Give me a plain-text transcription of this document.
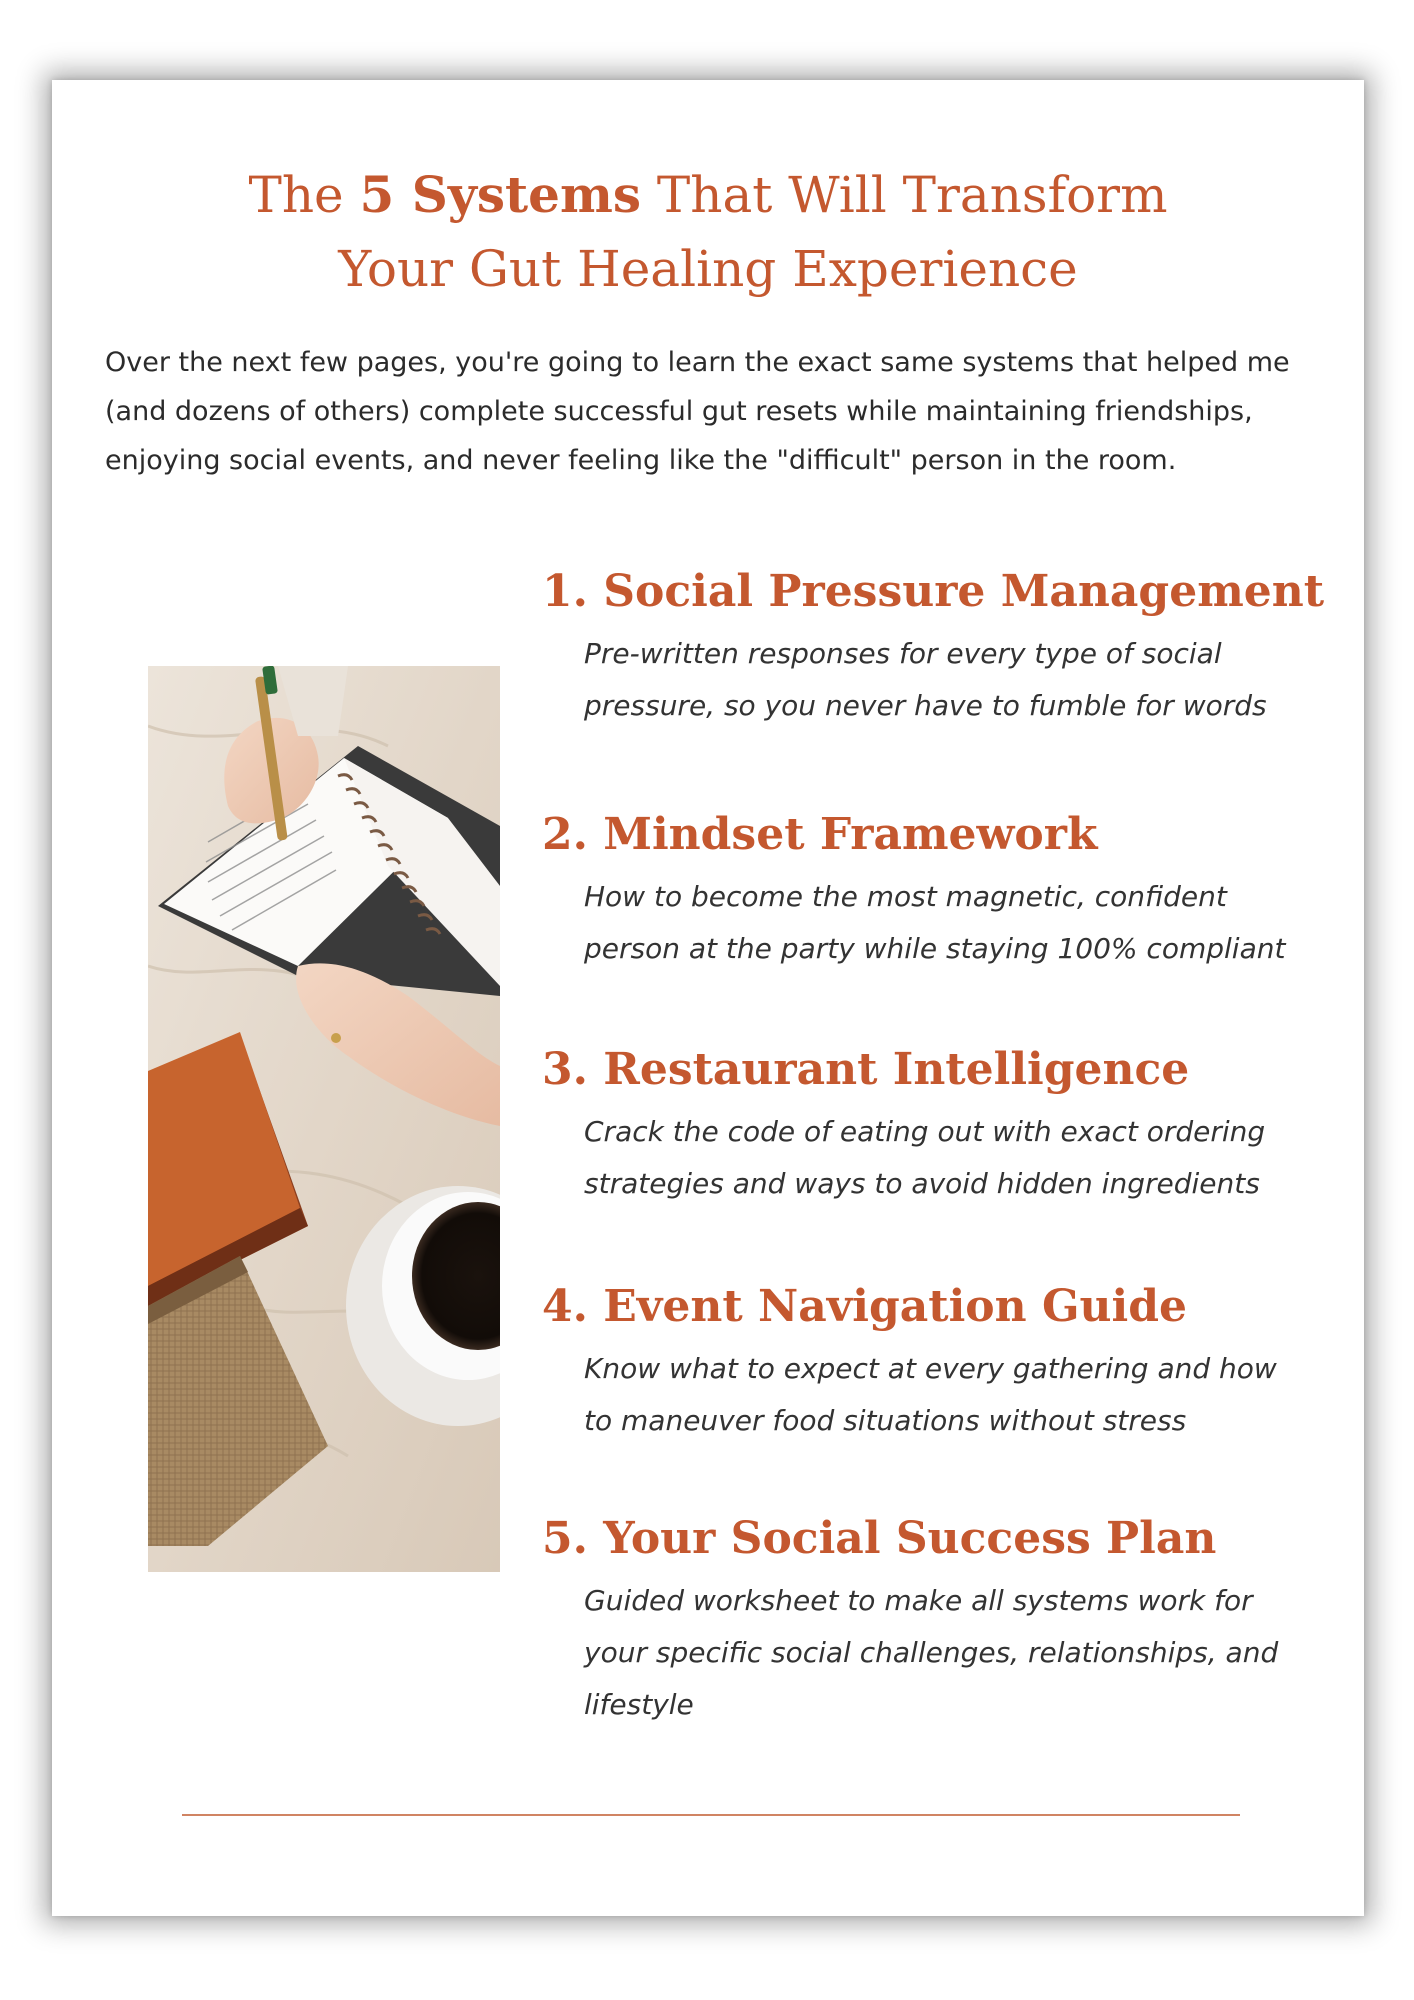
The 5 Systems That Will Transform
Your Gut Healing Experience

Over the next few pages, you're going to learn the exact same systems that helped me (and dozens of others) complete successful gut resets while maintaining friendships, enjoying social events, and never feeling like the "difficult" person in the room.

1. Social Pressure Management

Pre-written responses for every type of social pressure, so you never have to fumble for words

2. Mindset Framework

How to become the most magnetic, confident person at the party while staying 100% compliant

3. Restaurant Intelligence

Crack the code of eating out with exact ordering strategies and ways to avoid hidden ingredients

4. Event Navigation Guide

Know what to expect at every gathering and how to maneuver food situations without stress

5. Your Social Success Plan

Guided worksheet to make all systems work for your specific social challenges, relationships, and lifestyle
